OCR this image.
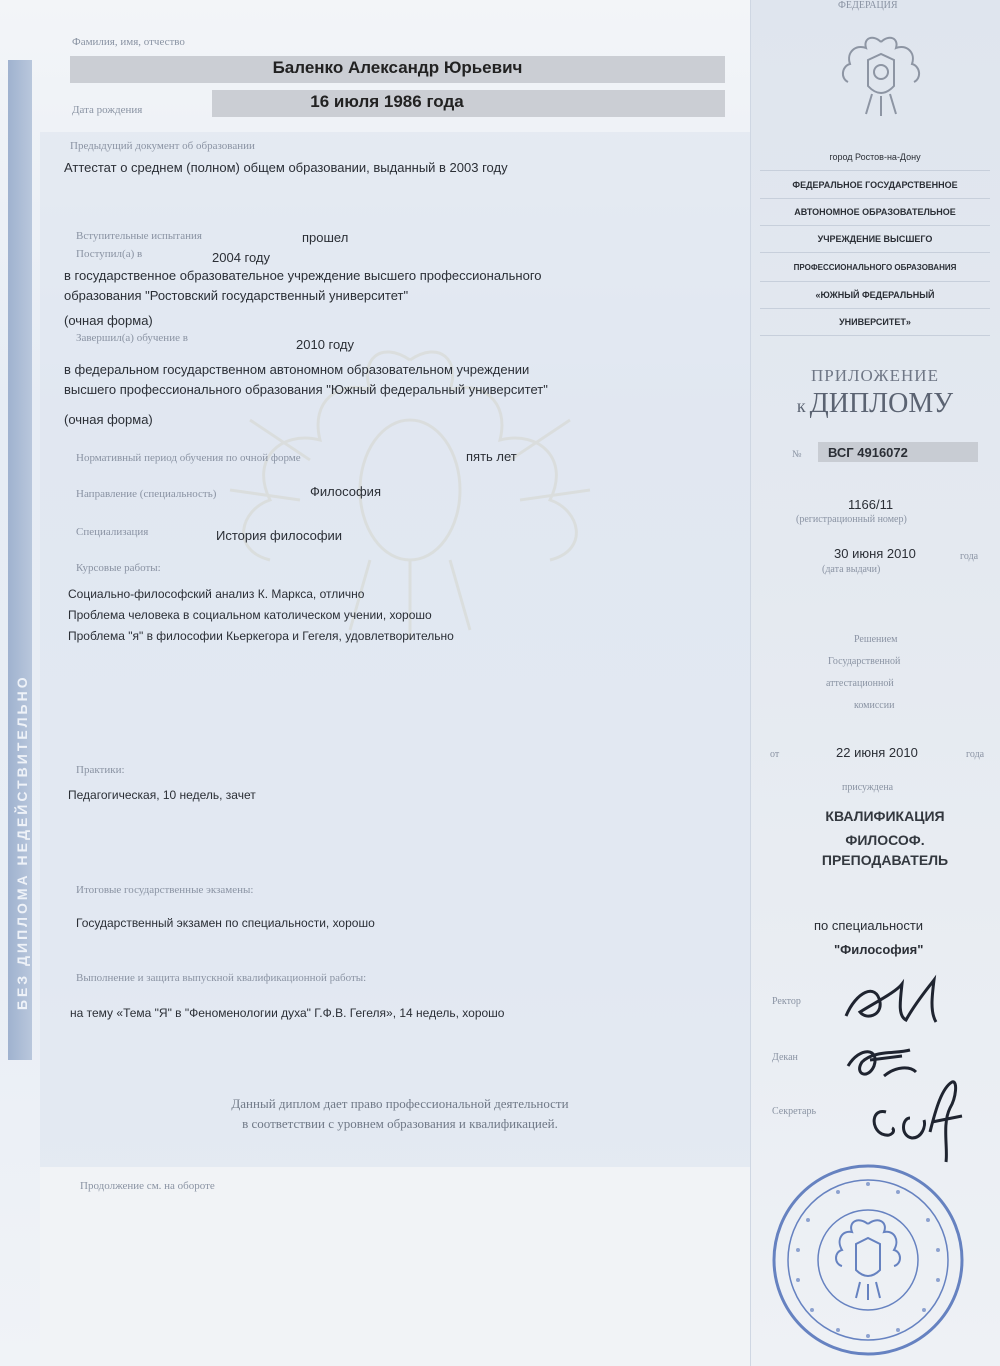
БЕЗ ДИПЛОМА НЕДЕЙСТВИТЕЛЬНО
Фамилия, имя, отчество
Баленко Александр Юрьевич
Дата рождения	16 июля 1986 года
Предыдущий документ об образовании
Аттестат о среднем (полном) общем образовании, выданный в 2003 году
Вступительные испытания	прошел
Поступил(а) в	2004 году
в государственное образовательное учреждение высшего профессионального
образования "Ростовский государственный университет"
(очная форма)
Завершил(а) обучение в	2010 году
в федеральном государственном автономном образовательном учреждении
высшего профессионального образования "Южный федеральный университет"
(очная форма)
Нормативный период обучения по очной форме	пять лет
Направление (специальность)	Философия
Специализация	История философии
Курсовые работы:
Социально-философский анализ К. Маркса, отлично
Проблема человека в социальном католическом учении, хорошо
Проблема "я" в философии Кьеркегора и Гегеля, удовлетворительно
Практики:
Педагогическая, 10 недель, зачет
Итоговые государственные экзамены:
Государственный экзамен по специальности, хорошо
Выполнение и защита выпускной квалификационной работы:
на тему «Тема "Я" в "Феноменологии духа" Г.Ф.В. Гегеля», 14 недель, хорошо
Данный диплом дает право профессиональной деятельности
в соответствии с уровнем образования и квалификацией.
Продолжение см. на обороте
ФЕДЕРАЦИЯ
город Ростов-на-Дону
ФЕДЕРАЛЬНОЕ ГОСУДАРСТВЕННОЕ
АВТОНОМНОЕ ОБРАЗОВАТЕЛЬНОЕ
УЧРЕЖДЕНИЕ ВЫСШЕГО
ПРОФЕССИОНАЛЬНОГО ОБРАЗОВАНИЯ
«ЮЖНЫЙ ФЕДЕРАЛЬНЫЙ
УНИВЕРСИТЕТ»
ПРИЛОЖЕНИЕ
к ДИПЛОМУ
№ ВСГ 4916072
1166/11
(регистрационный номер)
30 июня 2010	года
(дата выдачи)
Решением
Государственной
аттестационной
комиссии
от	22 июня 2010	года
присуждена
КВАЛИФИКАЦИЯ
ФИЛОСОФ.
ПРЕПОДАВАТЕЛЬ
по специальности
"Философия"
Ректор
Декан
Секретарь
